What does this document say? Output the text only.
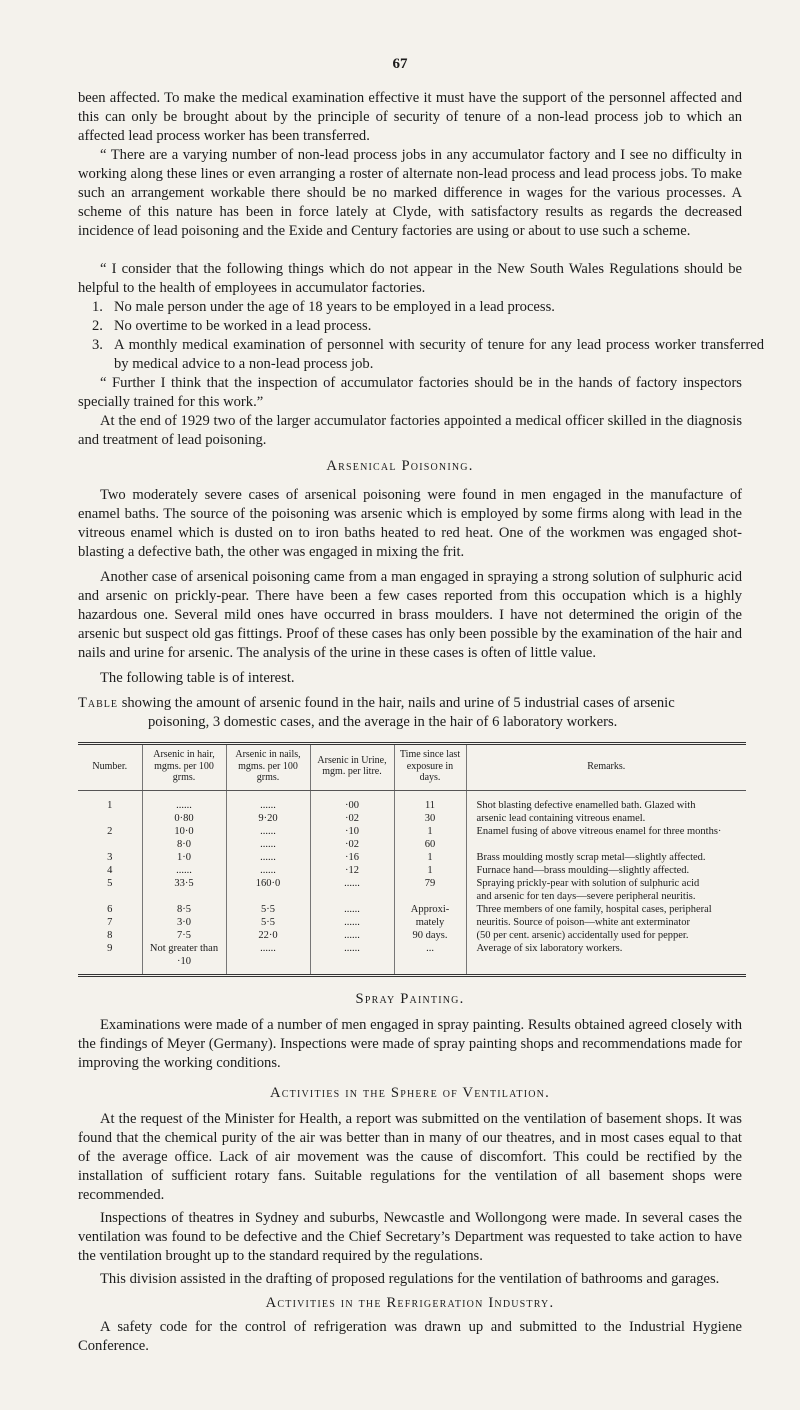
67

been affected. To make the medical examination effective it must have the support of the personnel affected and this can only be brought about by the principle of security of tenure of a non-lead process job to which an affected lead process worker has been transferred.

“ There are a varying number of non-lead process jobs in any accumulator factory and I see no difficulty in working along these lines or even arranging a roster of alternate non-lead process and lead process jobs. To make such an arrangement workable there should be no marked difference in wages for the various processes. A scheme of this nature has been in force lately at Clyde, with satisfactory results as regards the decreased incidence of lead poisoning and the Exide and Century factories are using or about to use such a scheme.

“ I consider that the following things which do not appear in the New South Wales Regulations should be helpful to the health of employees in accumulator factories.

1. No male person under the age of 18 years to be employed in a lead process.

2. No overtime to be worked in a lead process.

3. A monthly medical examination of personnel with security of tenure for any lead process worker transferred by medical advice to a non-lead process job.

“ Further I think that the inspection of accumulator factories should be in the hands of factory inspectors specially trained for this work.”

At the end of 1929 two of the larger accumulator factories appointed a medical officer skilled in the diagnosis and treatment of lead poisoning.

Arsenical Poisoning.

Two moderately severe cases of arsenical poisoning were found in men engaged in the manufacture of enamel baths. The source of the poisoning was arsenic which is employed by some firms along with lead in the vitreous enamel which is dusted on to iron baths heated to red heat. One of the workmen was engaged shot-blasting a defective bath, the other was engaged in mixing the frit.

Another case of arsenical poisoning came from a man engaged in spraying a strong solution of sulphuric acid and arsenic on prickly-pear. There have been a few cases reported from this occupation which is a highly hazardous one. Several mild ones have occurred in brass moulders. I have not determined the origin of the arsenic but suspect old gas fittings. Proof of these cases has only been possible by the examination of the hair and nails and urine for arsenic. The analysis of the urine in these cases is often of little value.

The following table is of interest.

Table showing the amount of arsenic found in the hair, nails and urine of 5 industrial cases of arsenic
poisoning, 3 domestic cases, and the average in the hair of 6 laboratory workers.

Number.	Arsenic in hair, mgms. per 100 grms.	Arsenic in nails, mgms. per 100 grms.	Arsenic in Urine, mgm. per litre.	Time since last exposure in days.	Remarks.
1	......	......	·00	11	Shot blasting defective enamelled bath. Glazed with
	0·80	9·20	·02	30	arsenic lead containing vitreous enamel.
2	10·0	......	·10	1	Enamel fusing of above vitreous enamel for three months·
	8·0	......	·02	60	
3	1·0	......	·16	1	Brass moulding mostly scrap metal—slightly affected.
4	......	......	·12	1	Furnace hand—brass moulding—slightly affected.
5	33·5	160·0	......	79	Spraying prickly-pear with solution of sulphuric acid
and arsenic for ten days—severe peripheral neuritis.
6	8·5	5·5	......	Approxi-	Three members of one family, hospital cases, peripheral
7	3·0	5·5	......	mately	neuritis. Source of poison—white ant exterminator
8	7·5	22·0	......	90 days.	(50 per cent. arsenic) accidentally used for pepper.
9	Not greater than ·10	......	......	...	Average of six laboratory workers.
Spray Painting.

Examinations were made of a number of men engaged in spray painting. Results obtained agreed closely with the findings of Meyer (Germany). Inspections were made of spray painting shops and recommendations made for improving the working conditions.

Activities in the Sphere of Ventilation.

At the request of the Minister for Health, a report was submitted on the ventilation of basement shops. It was found that the chemical purity of the air was better than in many of our theatres, and in most cases equal to that of the average office. Lack of air movement was the cause of discomfort. This could be rectified by the installation of sufficient rotary fans. Suitable regulations for the ventilation of all basement shops were recommended.

Inspections of theatres in Sydney and suburbs, Newcastle and Wollongong were made. In several cases the ventilation was found to be defective and the Chief Secretary’s Department was requested to take action to have the ventilation brought up to the standard required by the regulations.

This division assisted in the drafting of proposed regulations for the ventilation of bathrooms and garages.

Activities in the Refrigeration Industry.

A safety code for the control of refrigeration was drawn up and submitted to the Industrial Hygiene Conference.
